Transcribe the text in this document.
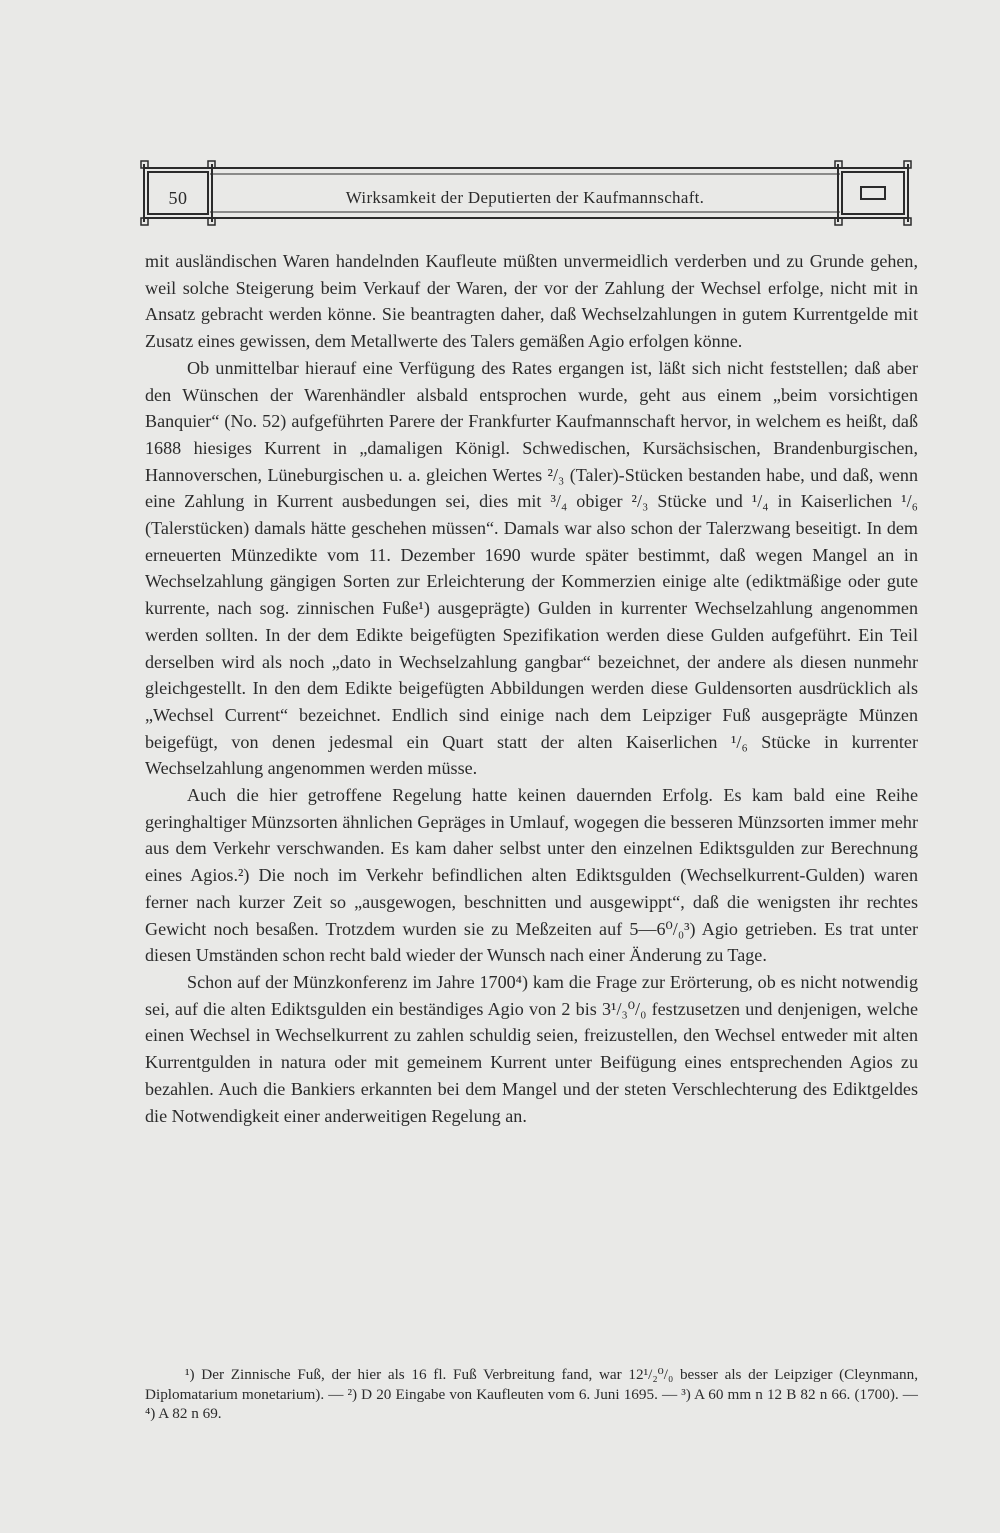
50	Wirksamkeit der Deputierten der Kaufmannschaft.

mit ausländischen Waren handelnden Kaufleute müßten unvermeidlich verderben und zu Grunde gehen, weil solche Steigerung beim Verkauf der Waren, der vor der Zahlung der Wechsel erfolge, nicht mit in Ansatz gebracht werden könne. Sie beantragten daher, daß Wechselzahlungen in gutem Kurrentgelde mit Zusatz eines gewissen, dem Metallwerte des Talers gemäßen Agio erfolgen könne.

Ob unmittelbar hierauf eine Verfügung des Rates ergangen ist, läßt sich nicht feststellen; daß aber den Wünschen der Warenhändler alsbald entsprochen wurde, geht aus einem „beim vorsichtigen Banquier“ (No. 52) aufgeführten Parere der Frankfurter Kaufmannschaft hervor, in welchem es heißt, daß 1688 hiesiges Kurrent in „damaligen Königl. Schwedischen, Kursächsischen, Brandenburgischen, Hannoverschen, Lüneburgischen u. a. gleichen Wertes ²/₃ (Taler)-Stücken bestanden habe, und daß, wenn eine Zahlung in Kurrent ausbedungen sei, dies mit ³/₄ obiger ²/₃ Stücke und ¹/₄ in Kaiserlichen ¹/₆ (Talerstücken) damals hätte geschehen müssen“. Damals war also schon der Talerzwang beseitigt. In dem erneuerten Münzedikte vom 11. Dezember 1690 wurde später bestimmt, daß wegen Mangel an in Wechselzahlung gängigen Sorten zur Erleichterung der Kommerzien einige alte (ediktmäßige oder gute kurrente, nach sog. zinnischen Fuße¹) ausgeprägte) Gulden in kurrenter Wechselzahlung angenommen werden sollten. In der dem Edikte beigefügten Spezifikation werden diese Gulden aufgeführt. Ein Teil derselben wird als noch „dato in Wechselzahlung gangbar“ bezeichnet, der andere als diesen nunmehr gleichgestellt. In den dem Edikte beigefügten Abbildungen werden diese Guldensorten ausdrücklich als „Wechsel Current“ bezeichnet. Endlich sind einige nach dem Leipziger Fuß ausgeprägte Münzen beigefügt, von denen jedesmal ein Quart statt der alten Kaiserlichen ¹/₆ Stücke in kurrenter Wechselzahlung angenommen werden müsse.

Auch die hier getroffene Regelung hatte keinen dauernden Erfolg. Es kam bald eine Reihe geringhaltiger Münzsorten ähnlichen Gepräges in Umlauf, wogegen die besseren Münzsorten immer mehr aus dem Verkehr verschwanden. Es kam daher selbst unter den einzelnen Ediktsgulden zur Berechnung eines Agios.²) Die noch im Verkehr befindlichen alten Ediktsgulden (Wechselkurrent-Gulden) waren ferner nach kurzer Zeit so „ausgewogen, beschnitten und ausgewippt“, daß die wenigsten ihr rechtes Gewicht noch besaßen. Trotzdem wurden sie zu Meßzeiten auf 5—6⁰/₀³) Agio getrieben. Es trat unter diesen Umständen schon recht bald wieder der Wunsch nach einer Änderung zu Tage.

Schon auf der Münzkonferenz im Jahre 1700⁴) kam die Frage zur Erörterung, ob es nicht notwendig sei, auf die alten Ediktsgulden ein beständiges Agio von 2 bis 3¹/₃⁰/₀ festzusetzen und denjenigen, welche einen Wechsel in Wechselkurrent zu zahlen schuldig seien, freizustellen, den Wechsel entweder mit alten Kurrentgulden in natura oder mit gemeinem Kurrent unter Beifügung eines entsprechenden Agios zu bezahlen. Auch die Bankiers erkannten bei dem Mangel und der steten Verschlechterung des Ediktgeldes die Notwendigkeit einer anderweitigen Regelung an.

¹) Der Zinnische Fuß, der hier als 16 fl. Fuß Verbreitung fand, war 12¹/₂⁰/₀ besser als der Leipziger (Cleynmann, Diplomatarium monetarium). — ²) D 20 Eingabe von Kaufleuten vom 6. Juni 1695. — ³) A 60 mm n 12 B 82 n 66. (1700). — ⁴) A 82 n 69.
